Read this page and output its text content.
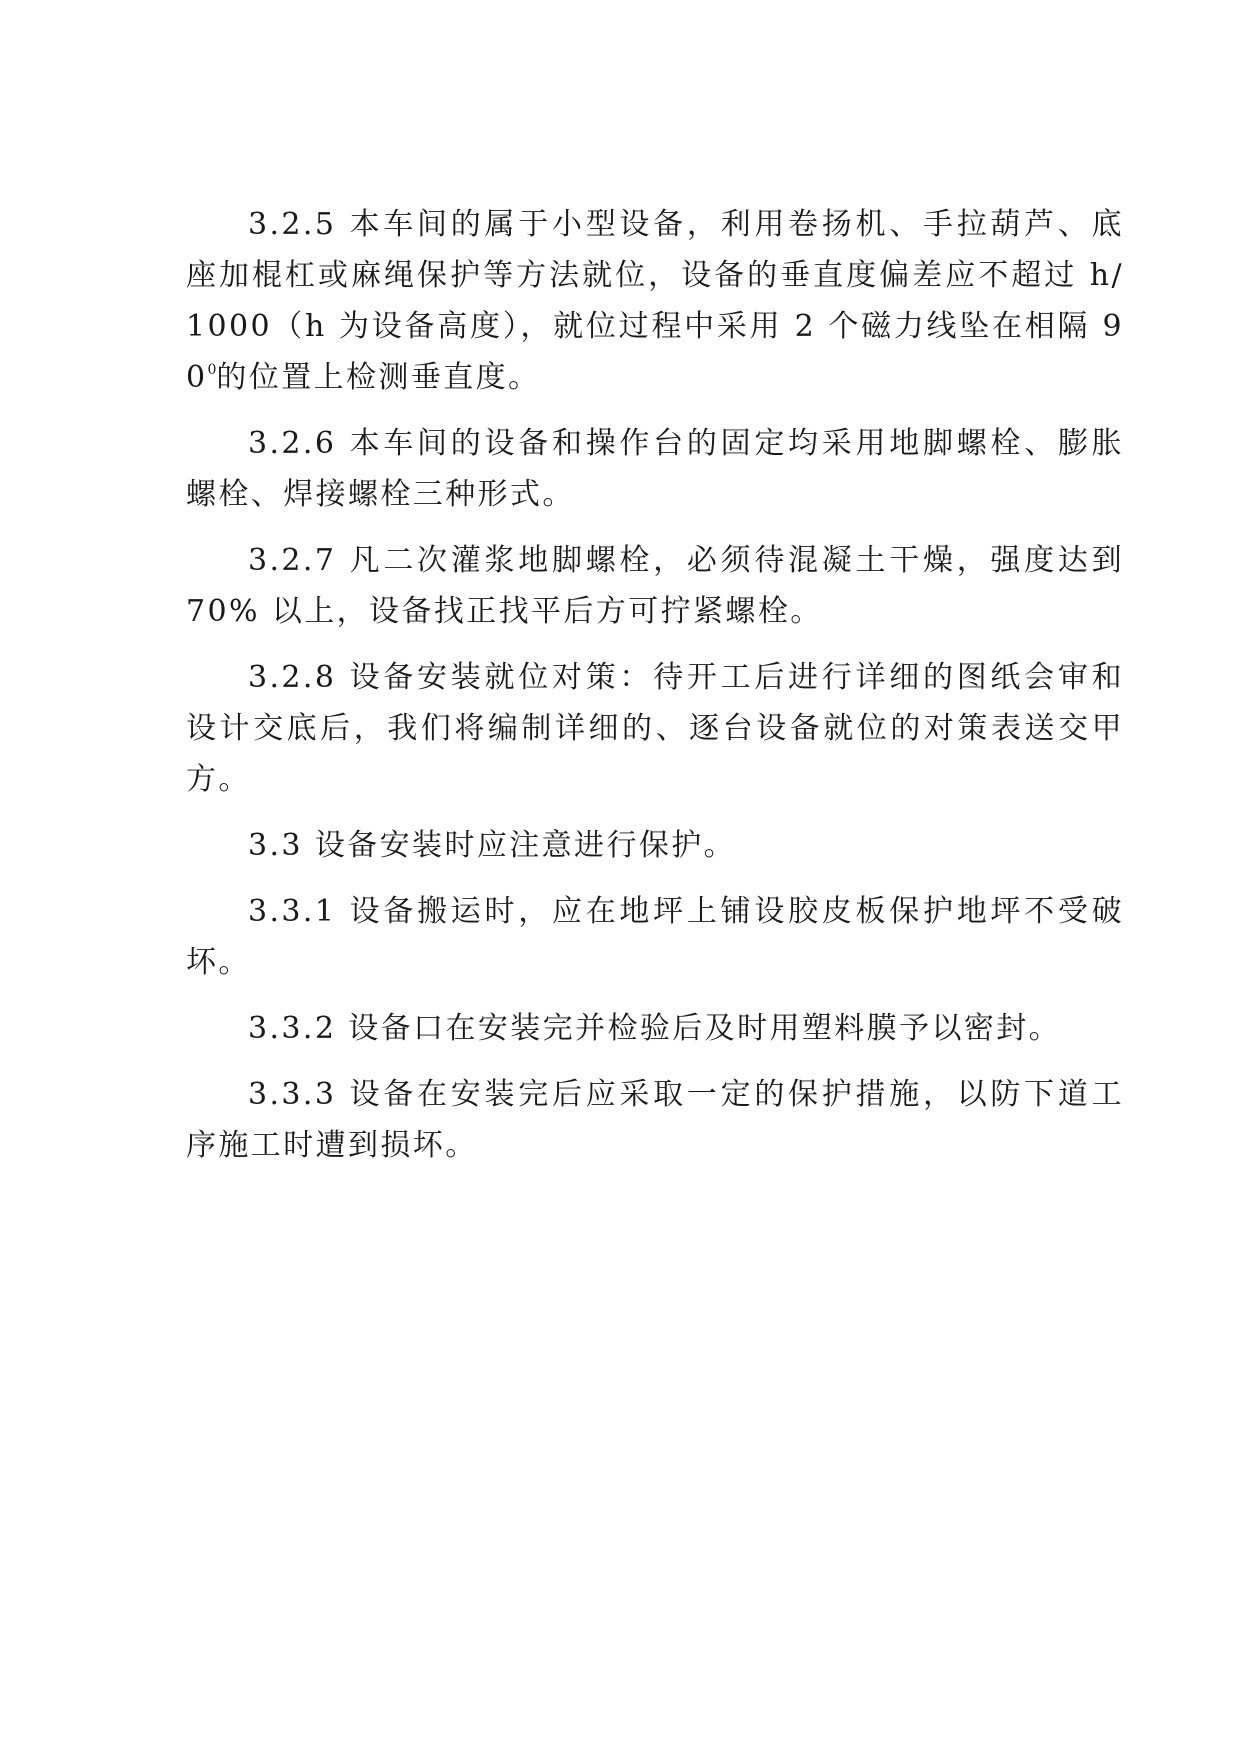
3.2.5 本车间的属于小型设备，利用卷扬机、手拉葫芦、底座加棍杠或麻绳保护等方法就位，设备的垂直度偏差应不超过 h/1000（h 为设备高度），就位过程中采用 2 个磁力线坠在相隔 $90^0$的位置上检测垂直度。

3.2.6 本车间的设备和操作台的固定均采用地脚螺栓、膨胀螺栓、焊接螺栓三种形式。

3.2.7 凡二次灌浆地脚螺栓，必须待混凝土干燥，强度达到 70% 以上，设备找正找平后方可拧紧螺栓。

3.2.8 设备安装就位对策：待开工后进行详细的图纸会审和设计交底后，我们将编制详细的、逐台设备就位的对策表送交甲方。

3.3 设备安装时应注意进行保护。

3.3.1 设备搬运时，应在地坪上铺设胶皮板保护地坪不受破坏。

3.3.2 设备口在安装完并检验后及时用塑料膜予以密封。

3.3.3 设备在安装完后应采取一定的保护措施，以防下道工序施工时遭到损坏。
